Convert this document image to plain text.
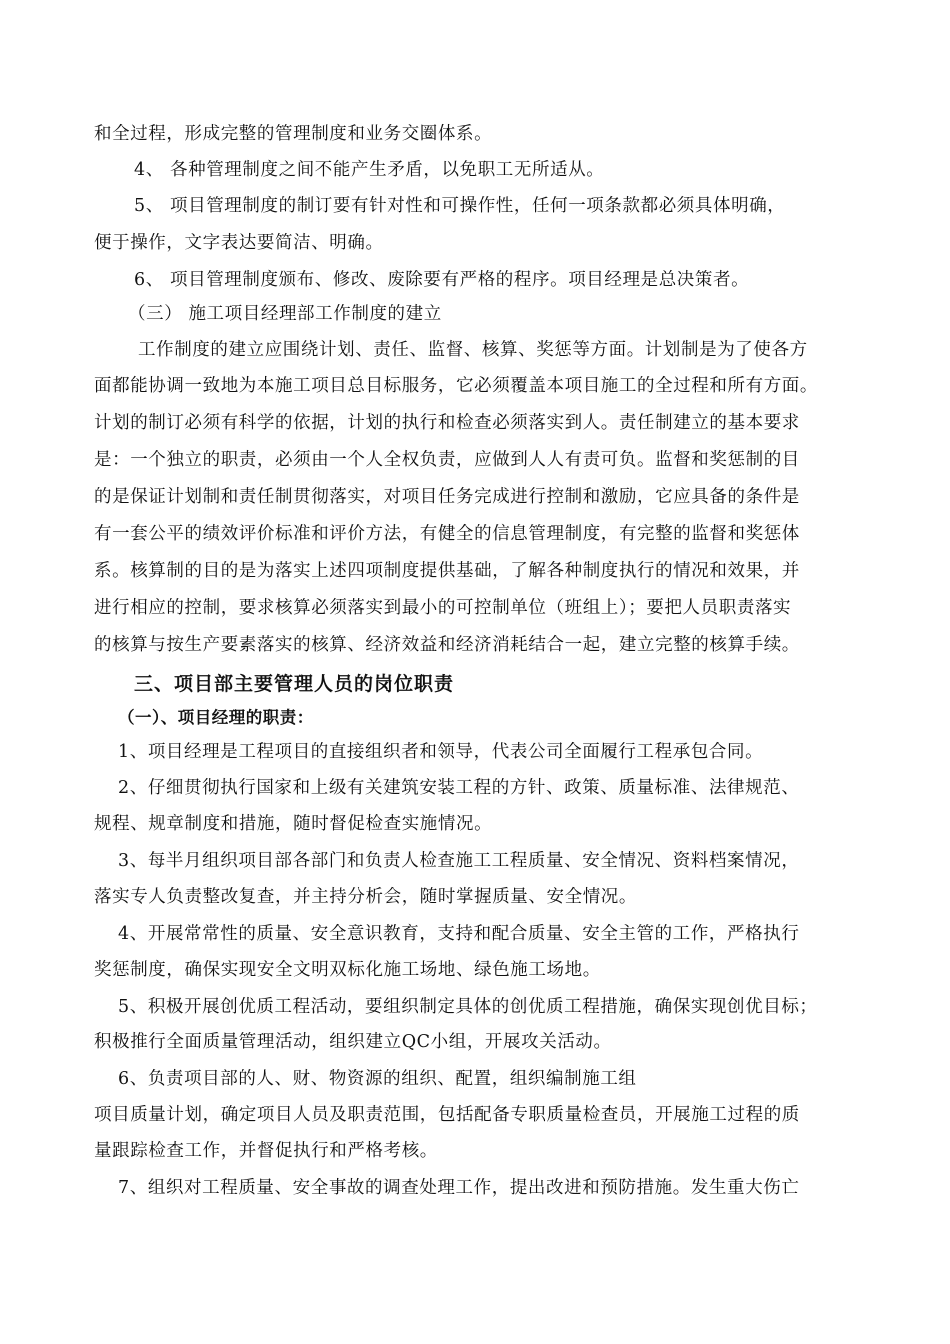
和全过程，形成完整的管理制度和业务交圈体系。
4、 各种管理制度之间不能产生矛盾，以免职工无所适从。
5、 项目管理制度的制订要有针对性和可操作性，任何一项条款都必须具体明确，
便于操作，文字表达要简洁、明确。
6、 项目管理制度颁布、修改、废除要有严格的程序。项目经理是总决策者。
（三） 施工项目经理部工作制度的建立
工作制度的建立应围绕计划、责任、监督、核算、奖惩等方面。计划制是为了使各方
面都能协调一致地为本施工项目总目标服务，它必须覆盖本项目施工的全过程和所有方面。
计划的制订必须有科学的依据，计划的执行和检查必须落实到人。责任制建立的基本要求
是：一个独立的职责，必须由一个人全权负责，应做到人人有责可负。监督和奖惩制的目
的是保证计划制和责任制贯彻落实，对项目任务完成进行控制和激励，它应具备的条件是
有一套公平的绩效评价标准和评价方法，有健全的信息管理制度，有完整的监督和奖惩体
系。核算制的目的是为落实上述四项制度提供基础，了解各种制度执行的情况和效果，并
进行相应的控制，要求核算必须落实到最小的可控制单位（班组上）；要把人员职责落实
的核算与按生产要素落实的核算、经济效益和经济消耗结合一起，建立完整的核算手续。
三、项目部主要管理人员的岗位职责
（一）、项目经理的职责：
1、项目经理是工程项目的直接组织者和领导，代表公司全面履行工程承包合同。
2、仔细贯彻执行国家和上级有关建筑安装工程的方针、政策、质量标准、法律规范、
规程、规章制度和措施，随时督促检查实施情况。
3、每半月组织项目部各部门和负责人检查施工工程质量、安全情况、资料档案情况，
落实专人负责整改复查，并主持分析会，随时掌握质量、安全情况。
4、开展常常性的质量、安全意识教育，支持和配合质量、安全主管的工作，严格执行
奖惩制度，确保实现安全文明双标化施工场地、绿色施工场地。
5、积极开展创优质工程活动，要组织制定具体的创优质工程措施，确保实现创优目标；
积极推行全面质量管理活动，组织建立QC小组，开展攻关活动。
6、负责项目部的人、财、物资源的组织、配置，组织编制施工组
项目质量计划，确定项目人员及职责范围，包括配备专职质量检查员，开展施工过程的质
量跟踪检查工作，并督促执行和严格考核。
7、组织对工程质量、安全事故的调查处理工作，提出改进和预防措施。发生重大伤亡
